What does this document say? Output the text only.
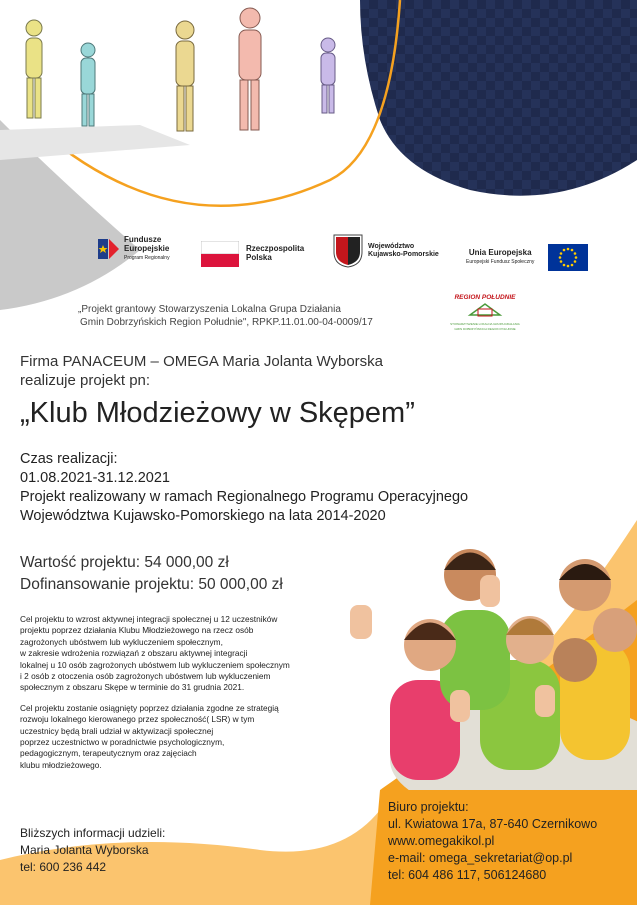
Fundusze
Europejskie
Program Regionalny
Rzeczpospolita
Polska
Województwo
Kujawsko-Pomorskie	Unia Europejska
Europejski Fundusz Społeczny
„Projekt grantowy Stowarzyszenia Lokalna Grupa Działania
Gmin Dobrzyńskich Region Południe", RPKP.11.01.00-04-0009/17
REGION POŁUDNIE
STOWARZYSZENIE LOKALNA GRUPA DZIAŁANIA
GMIN DOBRZYŃSKICH REGION POŁUDNIE
Firma PANACEUM – OMEGA Maria Jolanta Wyborska
realizuje projekt pn:
„Klub Młodzieżowy w Skępem”
Czas realizacji:
01.08.2021-31.12.2021
Projekt realizowany w ramach Regionalnego Programu Operacyjnego
Województwa Kujawsko-Pomorskiego na lata 2014-2020
Wartość projektu: 54 000,00 zł
Dofinansowanie projektu: 50 000,00 zł

Cel projektu to wzrost aktywnej integracji społecznej u 12 uczestników
projektu poprzez działania Klubu Młodzieżowego na rzecz osób
zagrożonych ubóstwem lub wykluczeniem społecznym,
w zakresie wdrożenia rozwiązań z obszaru aktywnej integracji
lokalnej u 10 osób zagrożonych ubóstwem lub wykluczeniem społecznym
i 2 osób z otoczenia osób zagrożonych ubóstwem lub wykluczeniem
społecznym z obszaru Skępe w terminie do 31 grudnia 2021.

Cel projektu zostanie osiągnięty poprzez działania zgodne ze strategią
rozwoju lokalnego kierowanego przez społeczność( LSR) w tym
uczestnicy będą brali udział w aktywizacji społecznej
poprzez uczestnictwo w poradnictwie psychologicznym,
pedagogicznym, terapeutycznym oraz zajęciach
klubu młodzieżowego.

Bliższych informacji udzieli:
Maria Jolanta Wyborska
tel: 600 236 442
Biuro projektu:
ul. Kwiatowa 17a, 87-640 Czernikowo
www.omegakikol.pl
e-mail: omega_sekretariat@op.pl
tel: 604 486 117, 506124680
